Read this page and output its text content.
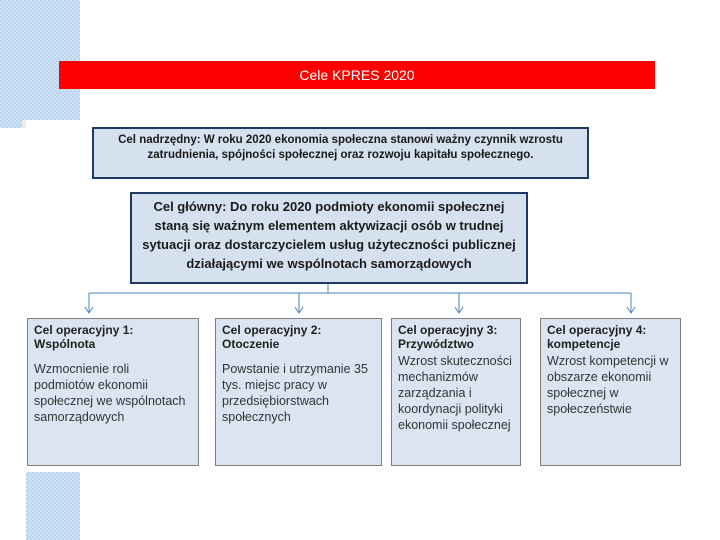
Cele KPRES 2020
Cel nadrzędny: W roku 2020 ekonomia społeczna stanowi ważny czynnik wzrostu zatrudnienia, spójności społecznej oraz rozwoju kapitału społecznego.
Cel główny: Do roku 2020 podmioty ekonomii społecznej staną się ważnym elementem aktywizacji osób w trudnej sytuacji oraz dostarczycielem usług użyteczności publicznej działającymi we wspólnotach samorządowych
Cel operacyjny 1:
Wspólnota
Wzmocnienie roli podmiotów ekonomii społecznej we wspólnotach samorządowych
Cel operacyjny 2:
Otoczenie
Powstanie i utrzymanie 35 tys. miejsc pracy w przedsiębiorstwach społecznych
Cel operacyjny 3:
Przywództwo
Wzrost skuteczności mechanizmów zarządzania i koordynacji polityki ekonomii społecznej
Cel operacyjny 4:
kompetencje
Wzrost kompetencji w obszarze ekonomii społecznej w społeczeństwie
